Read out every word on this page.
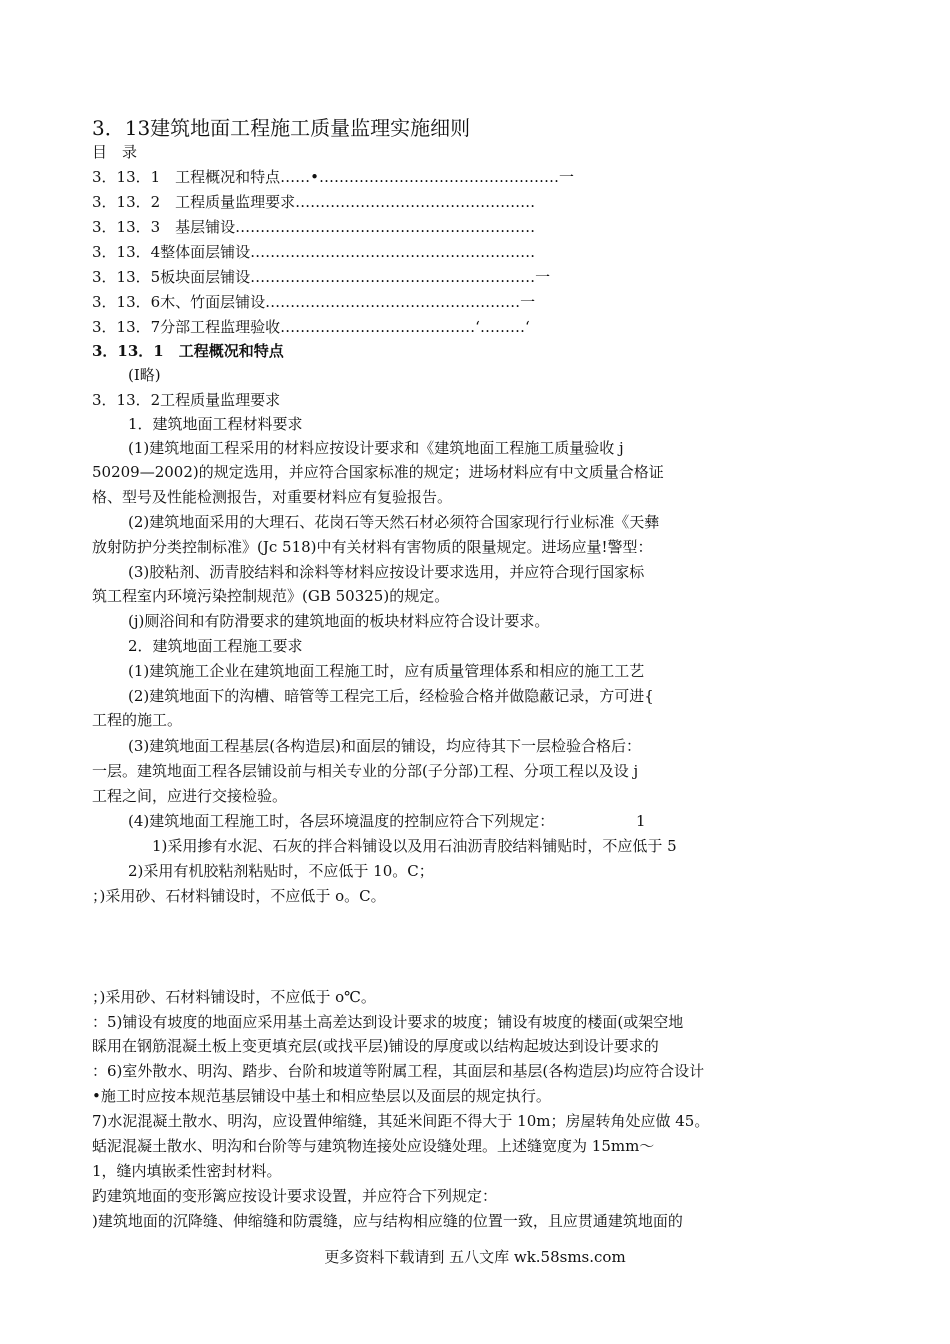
3．13建筑地面工程施工质量监理实施细则
目　录
3．13．1　工程概况和特点……•…………………………………………一
3．13．2　工程质量监理要求…………………………………………
3．13．3　基层铺设……………………………………………………
3．13．4整体面层铺设…………………………………………………
3．13．5板块面层铺设…………………………………………………一
3．13．6木、竹面层铺设……………………………………………一
3．13．7分部工程监理验收…………………………………‘………‘
3．13．1　工程概况和特点
(I略)
3．13．2工程质量监理要求
1．建筑地面工程材料要求
(1)建筑地面工程采用的材料应按设计要求和《建筑地面工程施工质量验收 j
50209—2002)的规定选用，并应符合国家标准的规定；进场材料应有中文质量合格证
格、型号及性能检测报告，对重要材料应有复验报告。
(2)建筑地面采用的大理石、花岗石等天然石材必须符合国家现行行业标准《天彝
放射防护分类控制标准》(Jc 518)中有关材料有害物质的限量规定。进场应量!警型：
(3)胶粘剂、沥青胶结料和涂料等材料应按设计要求选用，并应符合现行国家标
筑工程室内环境污染控制规范》(GB 50325)的规定。
(j)厕浴间和有防滑要求的建筑地面的板块材料应符合设计要求。
2．建筑地面工程施工要求
(1)建筑施工企业在建筑地面工程施工时，应有质量管理体系和相应的施工工艺
(2)建筑地面下的沟槽、暗管等工程完工后，经检验合格并做隐蔽记录，方可进{
工程的施工。
(3)建筑地面工程基层(各构造层)和面层的铺设，均应待其下一层检验合格后：
一层。建筑地面工程各层铺设前与相关专业的分部(子分部)工程、分项工程以及设 j
工程之间，应进行交接检验。
(4)建筑地面工程施工时，各层环境温度的控制应符合下列规定：	1
1)采用掺有水泥、石灰的拌合料铺设以及用石油沥青胶结料铺贴时，不应低于 5
2)采用有机胶粘剂粘贴时，不应低于 10。C；
；)采用砂、石材料铺设时，不应低于 o。C。
；)采用砂、石材料铺设时，不应低于 o℃。
：5)铺设有坡度的地面应采用基土高差达到设计要求的坡度；铺设有坡度的楼面(或架空地
睬用在钢筋混凝土板上变更填充层(或找平层)铺设的厚度或以结构起坡达到设计要求的
：6)室外散水、明沟、踏步、台阶和坡道等附属工程，其面层和基层(各构造层)均应符合设计
•施工时应按本规范基层铺设中基土和相应垫层以及面层的规定执行。
7)水泥混凝土散水、明沟，应设置伸缩缝，其延米间距不得大于 10m；房屋转角处应做 45。
蛞泥混凝土散水、明沟和台阶等与建筑物连接处应设缝处理。上述缝宽度为 15mm～
1，缝内填嵌柔性密封材料。
趵建筑地面的变形篱应按设计要求设置，并应符合下列规定：
)建筑地面的沉降缝、伸缩缝和防震缝，应与结构相应缝的位置一致，且应贯通建筑地面的
更多资料下载请到 五八文库 wk.58sms.com
